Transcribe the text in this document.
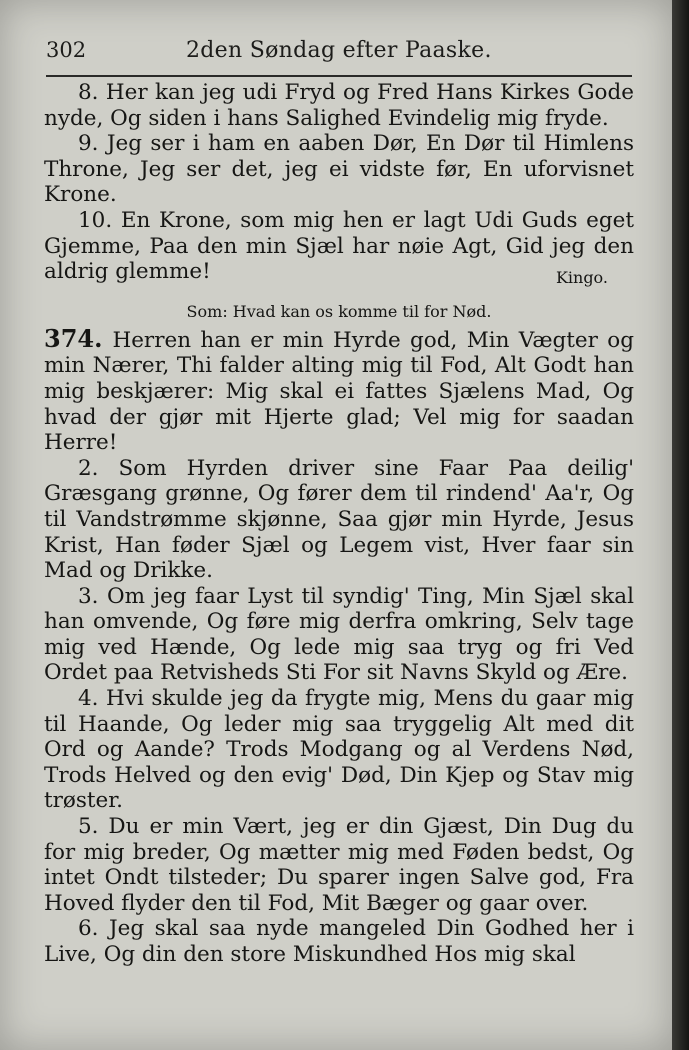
302	2den Søndag efter Paaske.

8. Her kan jeg udi Fryd og Fred Hans Kirkes Gode nyde, Og siden i hans Salighed Evindelig mig fryde.

9. Jeg ser i ham en aaben Dør, En Dør til Himlens Throne, Jeg ser det, jeg ei vidste før, En uforvisnet Krone.

10. En Krone, som mig hen er lagt Udi Guds eget Gjemme, Paa den min Sjæl har nøie Agt, Gid jeg den aldrig glemme!	Kingo.
Som: Hvad kan os komme til for Nød.

374. Herren han er min Hyrde god, Min Vægter og min Nærer, Thi falder alting mig til Fod, Alt Godt han mig beskjærer: Mig skal ei fattes Sjælens Mad, Og hvad der gjør mit Hjerte glad; Vel mig for saadan Herre!

2. Som Hyrden driver sine Faar Paa deilig' Græsgang grønne, Og fører dem til rindend' Aa'r, Og til Vandstrømme skjønne, Saa gjør min Hyrde, Jesus Krist, Han føder Sjæl og Legem vist, Hver faar sin Mad og Drikke.

3. Om jeg faar Lyst til syndig' Ting, Min Sjæl skal han omvende, Og føre mig derfra omkring, Selv tage mig ved Hænde, Og lede mig saa tryg og fri Ved Ordet paa Retvisheds Sti For sit Navns Skyld og Ære.

4. Hvi skulde jeg da frygte mig, Mens du gaar mig til Haande, Og leder mig saa tryggelig Alt med dit Ord og Aande? Trods Modgang og al Verdens Nød, Trods Helved og den evig' Død, Din Kjep og Stav mig trøster.

5. Du er min Vært, jeg er din Gjæst, Din Dug du for mig breder, Og mætter mig med Føden bedst, Og intet Ondt tilsteder; Du sparer ingen Salve god, Fra Hoved flyder den til Fod, Mit Bæger og gaar over.

6. Jeg skal saa nyde mangeled Din Godhed her i Live, Og din den store Miskundhed Hos mig skal
